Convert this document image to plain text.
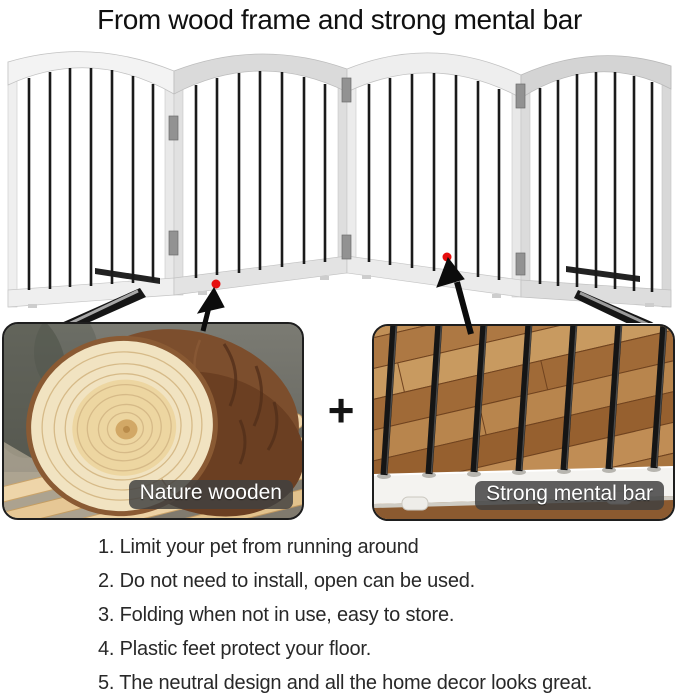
From wood frame and strong mental bar
Nature wooden	Strong mental bar
+
1. Limit your pet from running around
2. Do not need to install, open can be used.
3. Folding when not in use, easy to store.
4. Plastic feet protect your floor.
5. The neutral design and all the home decor looks great.
